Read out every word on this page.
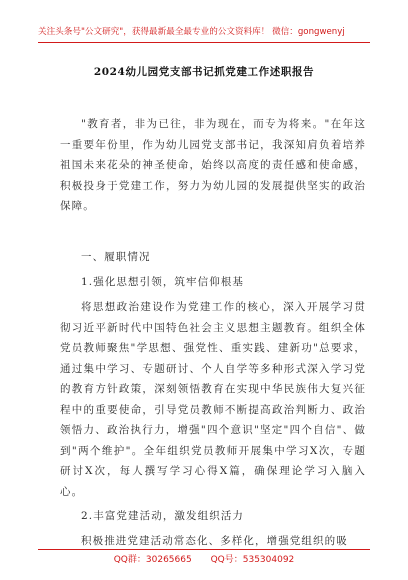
关注头条号"公文研究"，获得最新最全最专业的公文资料库！ 微信：gongwenyj
2024幼儿园党支部书记抓党建工作述职报告

"教育者，非为已往，非为现在，而专为将来。"在年这一重要年份里，作为幼儿园党支部书记，我深知肩负着培养祖国未来花朵的神圣使命，始终以高度的责任感和使命感，积极投身于党建工作，努力为幼儿园的发展提供坚实的政治保障。

一、履职情况

1.强化思想引领，筑牢信仰根基

将思想政治建设作为党建工作的核心，深入开展学习贯彻习近平新时代中国特色社会主义思想主题教育。组织全体党员教师聚焦"学思想、强党性、重实践、建新功"总要求，通过集中学习、专题研讨、个人自学等多种形式深入学习党的教育方针政策，深刻领悟教育在实现中华民族伟大复兴征程中的重要使命，引导党员教师不断提高政治判断力、政治领悟力、政治执行力，增强"四个意识"坚定"四个自信"、做到"两个维护"。全年组织党员教师开展集中学习X次，专题研讨X次，每人撰写学习心得X篇，确保理论学习入脑入心。

2.丰富党建活动，激发组织活力

积极推进党建活动常态化、多样化，增强党组织的吸

QQ群：30265665 QQ号：535304092
